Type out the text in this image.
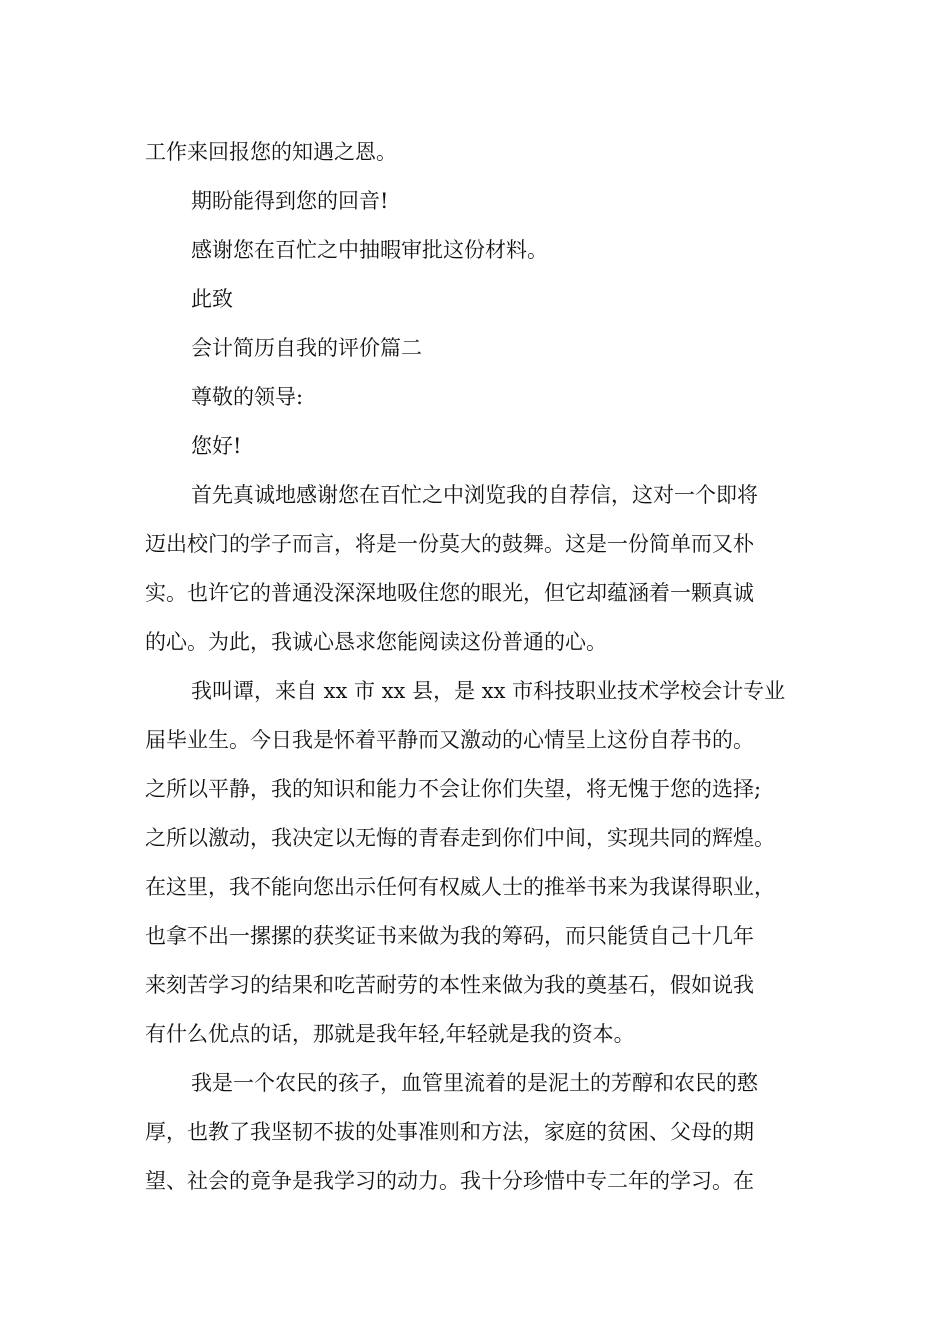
工作来回报您的知遇之恩。

期盼能得到您的回音!

感谢您在百忙之中抽暇审批这份材料。

此致

会计简历自我的评价篇二

尊敬的领导:

您好!

首先真诚地感谢您在百忙之中浏览我的自荐信，这对一个即将

迈出校门的学子而言，将是一份莫大的鼓舞。这是一份简单而又朴

实。也许它的普通没深深地吸住您的眼光，但它却蕴涵着一颗真诚

的心。为此，我诚心恳求您能阅读这份普通的心。

我叫谭，来自 xx 市 xx 县，是 xx 市科技职业技术学校会计专业

届毕业生。今日我是怀着平静而又激动的心情呈上这份自荐书的。

之所以平静，我的知识和能力不会让你们失望，将无愧于您的选择;

之所以激动，我决定以无悔的青春走到你们中间，实现共同的辉煌。

在这里，我不能向您出示任何有权威人士的推举书来为我谋得职业，

也拿不出一摞摞的获奖证书来做为我的筹码，而只能赁自己十几年

来刻苦学习的结果和吃苦耐劳的本性来做为我的奠基石，假如说我

有什么优点的话，那就是我年轻,年轻就是我的资本。

我是一个农民的孩子，血管里流着的是泥土的芳醇和农民的憨

厚，也教了我坚韧不拔的处事准则和方法，家庭的贫困、父母的期

望、社会的竟争是我学习的动力。我十分珍惜中专二年的学习。在
